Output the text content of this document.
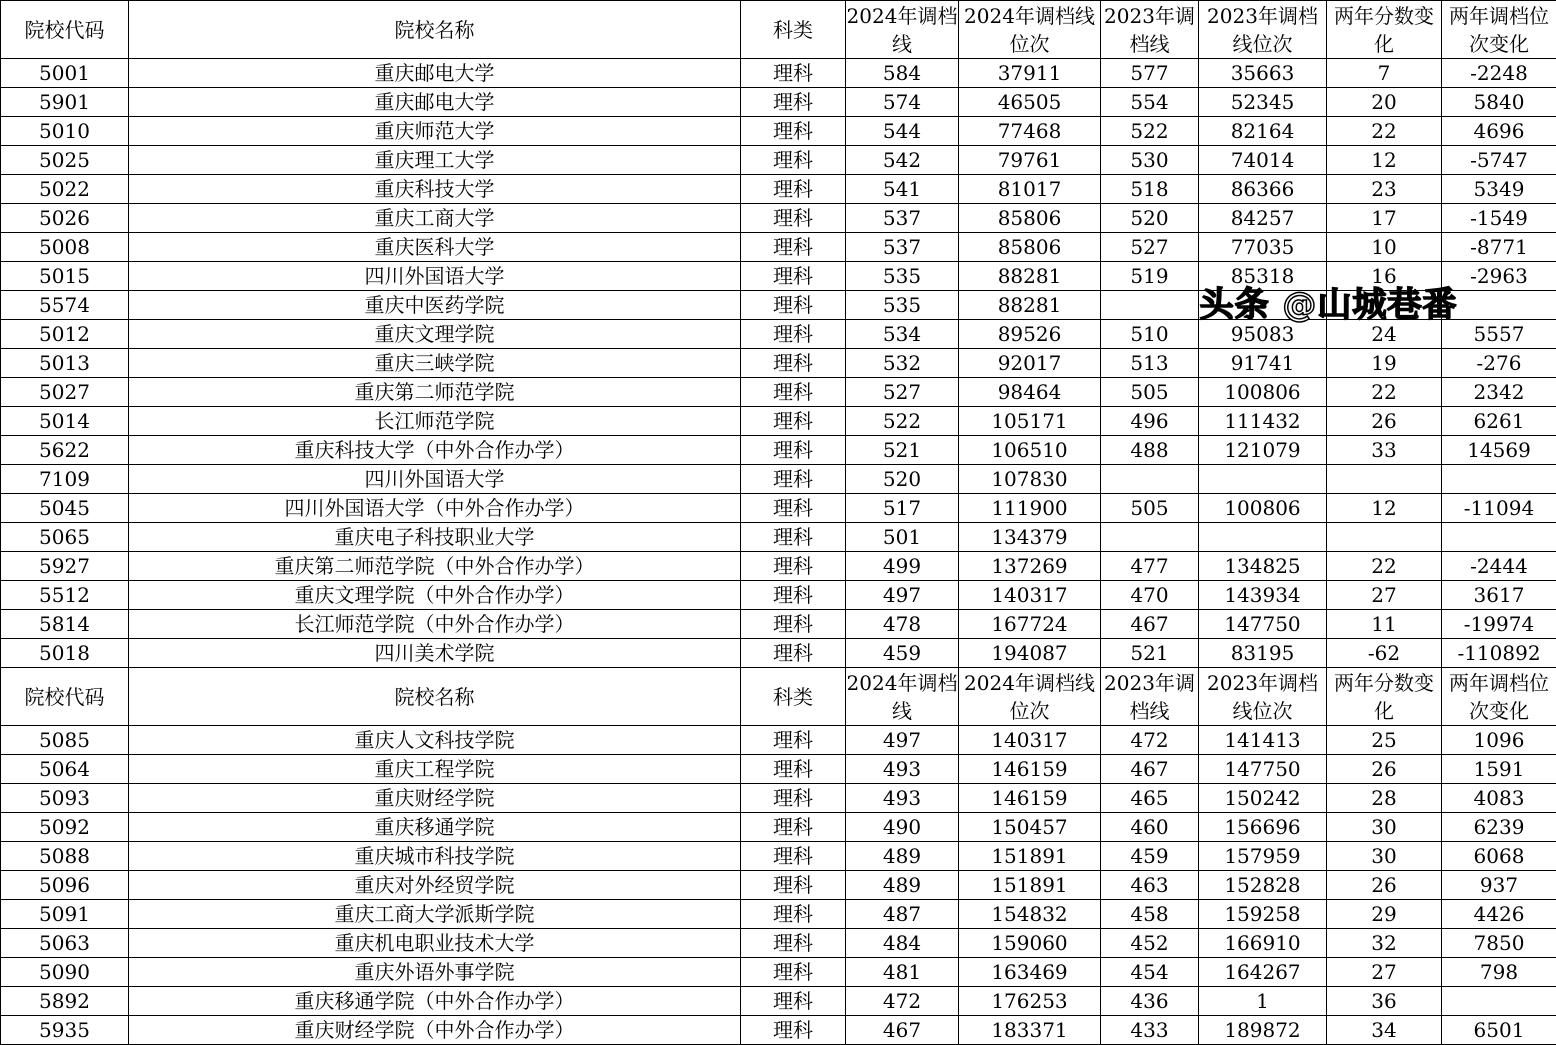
院校代码	院校名称	科类	2024年调档线	2024年调档线位次	2023年调档线	2023年调档线位次	两年分数变化	两年调档位次变化
5001	重庆邮电大学	理科	584	37911	577	35663	7	-2248
5901	重庆邮电大学	理科	574	46505	554	52345	20	5840
5010	重庆师范大学	理科	544	77468	522	82164	22	4696
5025	重庆理工大学	理科	542	79761	530	74014	12	-5747
5022	重庆科技大学	理科	541	81017	518	86366	23	5349
5026	重庆工商大学	理科	537	85806	520	84257	17	-1549
5008	重庆医科大学	理科	537	85806	527	77035	10	-8771
5015	四川外国语大学	理科	535	88281	519	85318	16	-2963
5574	重庆中医药学院	理科	535	88281				
5012	重庆文理学院	理科	534	89526	510	95083	24	5557
5013	重庆三峡学院	理科	532	92017	513	91741	19	-276
5027	重庆第二师范学院	理科	527	98464	505	100806	22	2342
5014	长江师范学院	理科	522	105171	496	111432	26	6261
5622	重庆科技大学（中外合作办学）	理科	521	106510	488	121079	33	14569
7109	四川外国语大学	理科	520	107830				
5045	四川外国语大学（中外合作办学）	理科	517	111900	505	100806	12	-11094
5065	重庆电子科技职业大学	理科	501	134379				
5927	重庆第二师范学院（中外合作办学）	理科	499	137269	477	134825	22	-2444
5512	重庆文理学院（中外合作办学）	理科	497	140317	470	143934	27	3617
5814	长江师范学院（中外合作办学）	理科	478	167724	467	147750	11	-19974
5018	四川美术学院	理科	459	194087	521	83195	-62	-110892
院校代码	院校名称	科类	2024年调档线	2024年调档线位次	2023年调档线	2023年调档线位次	两年分数变化	两年调档位次变化
5085	重庆人文科技学院	理科	497	140317	472	141413	25	1096
5064	重庆工程学院	理科	493	146159	467	147750	26	1591
5093	重庆财经学院	理科	493	146159	465	150242	28	4083
5092	重庆移通学院	理科	490	150457	460	156696	30	6239
5088	重庆城市科技学院	理科	489	151891	459	157959	30	6068
5096	重庆对外经贸学院	理科	489	151891	463	152828	26	937
5091	重庆工商大学派斯学院	理科	487	154832	458	159258	29	4426
5063	重庆机电职业技术大学	理科	484	159060	452	166910	32	7850
5090	重庆外语外事学院	理科	481	163469	454	164267	27	798
5892	重庆移通学院（中外合作办学）	理科	472	176253	436	1	36	
5935	重庆财经学院（中外合作办学）	理科	467	183371	433	189872	34	6501
头条 @山城巷番
